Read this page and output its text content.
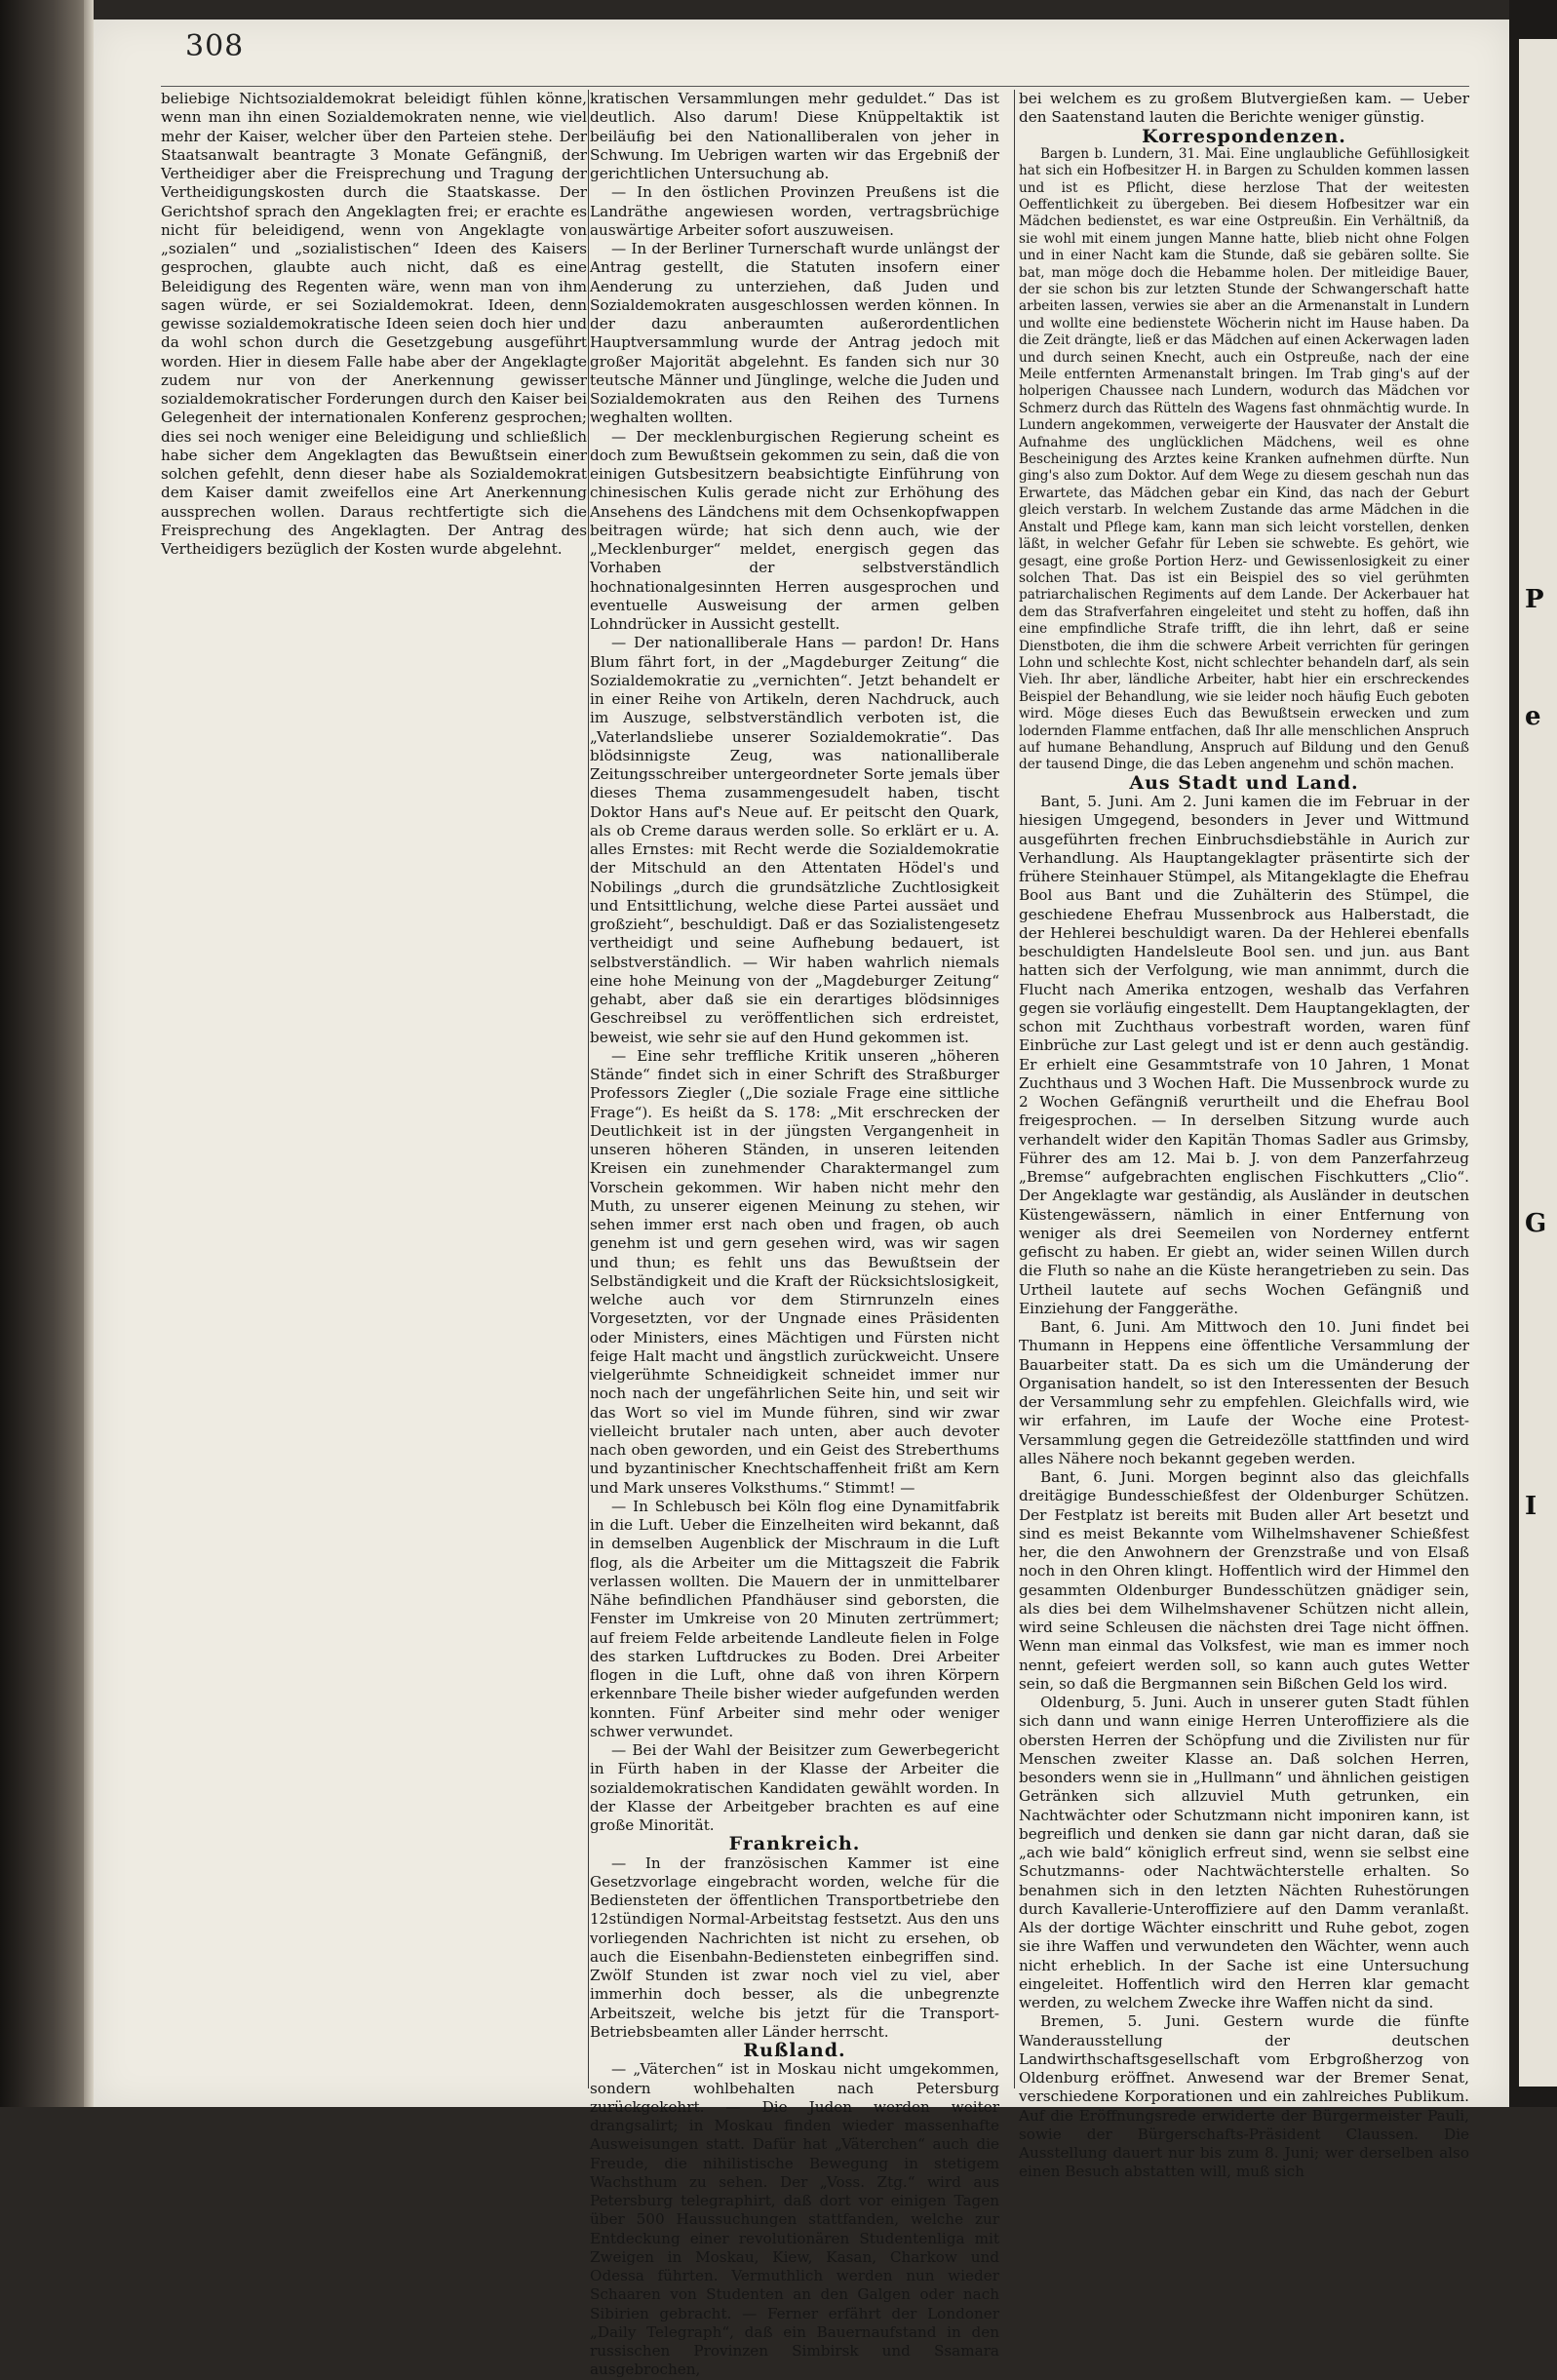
P
e
G
I
308

beliebige Nichtsozialdemokrat beleidigt fühlen könne, wenn man ihn einen Sozialdemokraten nenne, wie viel mehr der Kaiser, welcher über den Parteien stehe. Der Staatsanwalt beantragte 3 Monate Gefängniß, der Vertheidiger aber die Freisprechung und Tragung der Vertheidigungskosten durch die Staatskasse. Der Gerichtshof sprach den Angeklagten frei; er erachte es nicht für beleidigend, wenn von Angeklagte von „sozialen“ und „sozialistischen“ Ideen des Kaisers gesprochen, glaubte auch nicht, daß es eine Beleidigung des Regenten wäre, wenn man von ihm sagen würde, er sei Sozialdemokrat. Ideen, denn gewisse sozialdemokratische Ideen seien doch hier und da wohl schon durch die Gesetzgebung ausgeführt worden. Hier in diesem Falle habe aber der Angeklagte zudem nur von der Anerkennung gewisser sozialdemokratischer Forderungen durch den Kaiser bei Gelegenheit der internationalen Konferenz gesprochen; dies sei noch weniger eine Beleidigung und schließlich habe sicher dem Angeklagten das Bewußtsein einer solchen gefehlt, denn dieser habe als Sozialdemokrat dem Kaiser damit zweifellos eine Art Anerkennung aussprechen wollen. Daraus rechtfertigte sich die Freisprechung des Angeklagten. Der Antrag des Vertheidigers bezüglich der Kosten wurde abgelehnt.

kratischen Versammlungen mehr geduldet.“ Das ist deutlich. Also darum! Diese Knüppeltaktik ist beiläufig bei den Nationalliberalen von jeher in Schwung. Im Uebrigen warten wir das Ergebniß der gerichtlichen Untersuchung ab.

— In den östlichen Provinzen Preußens ist die Landräthe angewiesen worden, vertragsbrüchige auswärtige Arbeiter sofort auszuweisen.

— In der Berliner Turnerschaft wurde unlängst der Antrag gestellt, die Statuten insofern einer Aenderung zu unterziehen, daß Juden und Sozialdemokraten ausgeschlossen werden können. In der dazu anberaumten außerordentlichen Hauptversammlung wurde der Antrag jedoch mit großer Majorität abgelehnt. Es fanden sich nur 30 teutsche Männer und Jünglinge, welche die Juden und Sozialdemokraten aus den Reihen des Turnens weghalten wollten.

— Der mecklenburgischen Regierung scheint es doch zum Bewußtsein gekommen zu sein, daß die von einigen Gutsbesitzern beabsichtigte Einführung von chinesischen Kulis gerade nicht zur Erhöhung des Ansehens des Ländchens mit dem Ochsenkopfwappen beitragen würde; hat sich denn auch, wie der „Mecklenburger“ meldet, energisch gegen das Vorhaben der selbstverständlich hochnationalgesinnten Herren ausgesprochen und eventuelle Ausweisung der armen gelben Lohndrücker in Aussicht gestellt.

— Der nationalliberale Hans — pardon! Dr. Hans Blum fährt fort, in der „Magdeburger Zeitung“ die Sozialdemokratie zu „vernichten“. Jetzt behandelt er in einer Reihe von Artikeln, deren Nachdruck, auch im Auszuge, selbstverständlich verboten ist, die „Vaterlandsliebe unserer Sozialdemokratie“. Das blödsinnigste Zeug, was nationalliberale Zeitungsschreiber untergeordneter Sorte jemals über dieses Thema zusammengesudelt haben, tischt Doktor Hans auf's Neue auf. Er peitscht den Quark, als ob Creme daraus werden solle. So erklärt er u. A. alles Ernstes: mit Recht werde die Sozialdemokratie der Mitschuld an den Attentaten Hödel's und Nobilings „durch die grundsätzliche Zuchtlosigkeit und Entsittlichung, welche diese Partei aussäet und großzieht“, beschuldigt. Daß er das Sozialistengesetz vertheidigt und seine Aufhebung bedauert, ist selbstverständlich. — Wir haben wahrlich niemals eine hohe Meinung von der „Magdeburger Zeitung“ gehabt, aber daß sie ein derartiges blödsinniges Geschreibsel zu veröffentlichen sich erdreistet, beweist, wie sehr sie auf den Hund gekommen ist.

— Eine sehr treffliche Kritik unseren „höheren Stände“ findet sich in einer Schrift des Straßburger Professors Ziegler („Die soziale Frage eine sittliche Frage“). Es heißt da S. 178: „Mit erschrecken der Deutlichkeit ist in der jüngsten Vergangenheit in unseren höheren Ständen, in unseren leitenden Kreisen ein zunehmender Charaktermangel zum Vorschein gekommen. Wir haben nicht mehr den Muth, zu unserer eigenen Meinung zu stehen, wir sehen immer erst nach oben und fragen, ob auch genehm ist und gern gesehen wird, was wir sagen und thun; es fehlt uns das Bewußtsein der Selbständigkeit und die Kraft der Rücksichtslosigkeit, welche auch vor dem Stirnrunzeln eines Vorgesetzten, vor der Ungnade eines Präsidenten oder Ministers, eines Mächtigen und Fürsten nicht feige Halt macht und ängstlich zurückweicht. Unsere vielgerühmte Schneidigkeit schneidet immer nur noch nach der ungefährlichen Seite hin, und seit wir das Wort so viel im Munde führen, sind wir zwar vielleicht brutaler nach unten, aber auch devoter nach oben geworden, und ein Geist des Streberthums und byzantinischer Knechtschaffenheit frißt am Kern und Mark unseres Volksthums.“ Stimmt! —

— In Schlebusch bei Köln flog eine Dynamitfabrik in die Luft. Ueber die Einzelheiten wird bekannt, daß in demselben Augenblick der Mischraum in die Luft flog, als die Arbeiter um die Mittagszeit die Fabrik verlassen wollten. Die Mauern der in unmittelbarer Nähe befindlichen Pfandhäuser sind geborsten, die Fenster im Umkreise von 20 Minuten zertrümmert; auf freiem Felde arbeitende Landleute fielen in Folge des starken Luftdruckes zu Boden. Drei Arbeiter flogen in die Luft, ohne daß von ihren Körpern erkennbare Theile bisher wieder aufgefunden werden konnten. Fünf Arbeiter sind mehr oder weniger schwer verwundet.

— Bei der Wahl der Beisitzer zum Gewerbegericht in Fürth haben in der Klasse der Arbeiter die sozialdemokratischen Kandidaten gewählt worden. In der Klasse der Arbeitgeber brachten es auf eine große Minorität.

Frankreich.

— In der französischen Kammer ist eine Gesetzvorlage eingebracht worden, welche für die Bediensteten der öffentlichen Transportbetriebe den 12stündigen Normal-Arbeitstag festsetzt. Aus den uns vorliegenden Nachrichten ist nicht zu ersehen, ob auch die Eisenbahn-Bediensteten einbegriffen sind. Zwölf Stunden ist zwar noch viel zu viel, aber immerhin doch besser, als die unbegrenzte Arbeitszeit, welche bis jetzt für die Transport-Betriebsbeamten aller Länder herrscht.

Rußland.

— „Väterchen“ ist in Moskau nicht umgekommen, sondern wohlbehalten nach Petersburg zurückgekehrt. — Die Juden werden weiter drangsalirt; in Moskau finden wieder massenhafte Ausweisungen statt. Dafür hat „Väterchen“ auch die Freude, die nihilistische Bewegung in stetigem Wachsthum zu sehen. Der „Voss. Ztg.“ wird aus Petersburg telegraphirt, daß dort vor einigen Tagen über 500 Haussuchungen stattfanden, welche zur Entdeckung einer revolutionären Studentenliga mit Zweigen in Moskau, Kiew, Kasan, Charkow und Odessa führten. Vermuthlich werden nun wieder Schaaren von Studenten an den Galgen oder nach Sibirien gebracht. — Ferner erfährt der Londoner „Daily Telegraph“, daß ein Bauernaufstand in den russischen Provinzen Simbirsk und Ssamara ausgebrochen,

bei welchem es zu großem Blutvergießen kam. — Ueber den Saatenstand lauten die Berichte weniger günstig.

Korrespondenzen.

Bargen b. Lundern, 31. Mai. Eine unglaubliche Gefühllosigkeit hat sich ein Hofbesitzer H. in Bargen zu Schulden kommen lassen und ist es Pflicht, diese herzlose That der weitesten Oeffentlichkeit zu übergeben. Bei diesem Hofbesitzer war ein Mädchen bedienstet, es war eine Ostpreußin. Ein Verhältniß, da sie wohl mit einem jungen Manne hatte, blieb nicht ohne Folgen und in einer Nacht kam die Stunde, daß sie gebären sollte. Sie bat, man möge doch die Hebamme holen. Der mitleidige Bauer, der sie schon bis zur letzten Stunde der Schwangerschaft hatte arbeiten lassen, verwies sie aber an die Armenanstalt in Lundern und wollte eine bedienstete Wöcherin nicht im Hause haben. Da die Zeit drängte, ließ er das Mädchen auf einen Ackerwagen laden und durch seinen Knecht, auch ein Ostpreuße, nach der eine Meile entfernten Armenanstalt bringen. Im Trab ging's auf der holperigen Chaussee nach Lundern, wodurch das Mädchen vor Schmerz durch das Rütteln des Wagens fast ohnmächtig wurde. In Lundern angekommen, verweigerte der Hausvater der Anstalt die Aufnahme des unglücklichen Mädchens, weil es ohne Bescheinigung des Arztes keine Kranken aufnehmen dürfte. Nun ging's also zum Doktor. Auf dem Wege zu diesem geschah nun das Erwartete, das Mädchen gebar ein Kind, das nach der Geburt gleich verstarb. In welchem Zustande das arme Mädchen in die Anstalt und Pflege kam, kann man sich leicht vorstellen, denken läßt, in welcher Gefahr für Leben sie schwebte. Es gehört, wie gesagt, eine große Portion Herz- und Gewissenlosigkeit zu einer solchen That. Das ist ein Beispiel des so viel gerühmten patriarchalischen Regiments auf dem Lande. Der Ackerbauer hat dem das Strafverfahren eingeleitet und steht zu hoffen, daß ihn eine empfindliche Strafe trifft, die ihn lehrt, daß er seine Dienstboten, die ihm die schwere Arbeit verrichten für geringen Lohn und schlechte Kost, nicht schlechter behandeln darf, als sein Vieh. Ihr aber, ländliche Arbeiter, habt hier ein erschreckendes Beispiel der Behandlung, wie sie leider noch häufig Euch geboten wird. Möge dieses Euch das Bewußtsein erwecken und zum lodernden Flamme entfachen, daß Ihr alle menschlichen Anspruch auf humane Behandlung, Anspruch auf Bildung und den Genuß der tausend Dinge, die das Leben angenehm und schön machen.

Aus Stadt und Land.

Bant, 5. Juni. Am 2. Juni kamen die im Februar in der hiesigen Umgegend, besonders in Jever und Wittmund ausgeführten frechen Einbruchsdiebstähle in Aurich zur Verhandlung. Als Hauptangeklagter präsentirte sich der frühere Steinhauer Stümpel, als Mitangeklagte die Ehefrau Bool aus Bant und die Zuhälterin des Stümpel, die geschiedene Ehefrau Mussenbrock aus Halberstadt, die der Hehlerei beschuldigt waren. Da der Hehlerei ebenfalls beschuldigten Handelsleute Bool sen. und jun. aus Bant hatten sich der Verfolgung, wie man annimmt, durch die Flucht nach Amerika entzogen, weshalb das Verfahren gegen sie vorläufig eingestellt. Dem Hauptangeklagten, der schon mit Zuchthaus vorbestraft worden, waren fünf Einbrüche zur Last gelegt und ist er denn auch geständig. Er erhielt eine Gesammtstrafe von 10 Jahren, 1 Monat Zuchthaus und 3 Wochen Haft. Die Mussenbrock wurde zu 2 Wochen Gefängniß verurtheilt und die Ehefrau Bool freigesprochen. — In derselben Sitzung wurde auch verhandelt wider den Kapitän Thomas Sadler aus Grimsby, Führer des am 12. Mai b. J. von dem Panzerfahrzeug „Bremse“ aufgebrachten englischen Fischkutters „Clio“. Der Angeklagte war geständig, als Ausländer in deutschen Küstengewässern, nämlich in einer Entfernung von weniger als drei Seemeilen von Norderney entfernt gefischt zu haben. Er giebt an, wider seinen Willen durch die Fluth so nahe an die Küste herangetrieben zu sein. Das Urtheil lautete auf sechs Wochen Gefängniß und Einziehung der Fanggeräthe.

Bant, 6. Juni. Am Mittwoch den 10. Juni findet bei Thumann in Heppens eine öffentliche Versammlung der Bauarbeiter statt. Da es sich um die Umänderung der Organisation handelt, so ist den Interessenten der Besuch der Versammlung sehr zu empfehlen. Gleichfalls wird, wie wir erfahren, im Laufe der Woche eine Protest-Versammlung gegen die Getreidezölle stattfinden und wird alles Nähere noch bekannt gegeben werden.

Bant, 6. Juni. Morgen beginnt also das gleichfalls dreitägige Bundesschießfest der Oldenburger Schützen. Der Festplatz ist bereits mit Buden aller Art besetzt und sind es meist Bekannte vom Wilhelmshavener Schießfest her, die den Anwohnern der Grenzstraße und von Elsaß noch in den Ohren klingt. Hoffentlich wird der Himmel den gesammten Oldenburger Bundesschützen gnädiger sein, als dies bei dem Wilhelmshavener Schützen nicht allein, wird seine Schleusen die nächsten drei Tage nicht öffnen. Wenn man einmal das Volksfest, wie man es immer noch nennt, gefeiert werden soll, so kann auch gutes Wetter sein, so daß die Bergmannen sein Bißchen Geld los wird.

Oldenburg, 5. Juni. Auch in unserer guten Stadt fühlen sich dann und wann einige Herren Unteroffiziere als die obersten Herren der Schöpfung und die Zivilisten nur für Menschen zweiter Klasse an. Daß solchen Herren, besonders wenn sie in „Hullmann“ und ähnlichen geistigen Getränken sich allzuviel Muth getrunken, ein Nachtwächter oder Schutzmann nicht imponiren kann, ist begreiflich und denken sie dann gar nicht daran, daß sie „ach wie bald“ königlich erfreut sind, wenn sie selbst eine Schutzmanns- oder Nachtwächterstelle erhalten. So benahmen sich in den letzten Nächten Ruhestörungen durch Kavallerie-Unteroffiziere auf den Damm veranlaßt. Als der dortige Wächter einschritt und Ruhe gebot, zogen sie ihre Waffen und verwundeten den Wächter, wenn auch nicht erheblich. In der Sache ist eine Untersuchung eingeleitet. Hoffentlich wird den Herren klar gemacht werden, zu welchem Zwecke ihre Waffen nicht da sind.

Bremen, 5. Juni. Gestern wurde die fünfte Wanderausstellung der deutschen Landwirthschaftsgesellschaft vom Erbgroßherzog von Oldenburg eröffnet. Anwesend war der Bremer Senat, verschiedene Korporationen und ein zahlreiches Publikum. Auf die Eröffnungsrede erwiderte der Bürgermeister Pauli, sowie der Bürgerschafts-Präsident Claussen. Die Ausstellung dauert nur bis zum 8. Juni; wer derselben also einen Besuch abstatten will, muß sich
